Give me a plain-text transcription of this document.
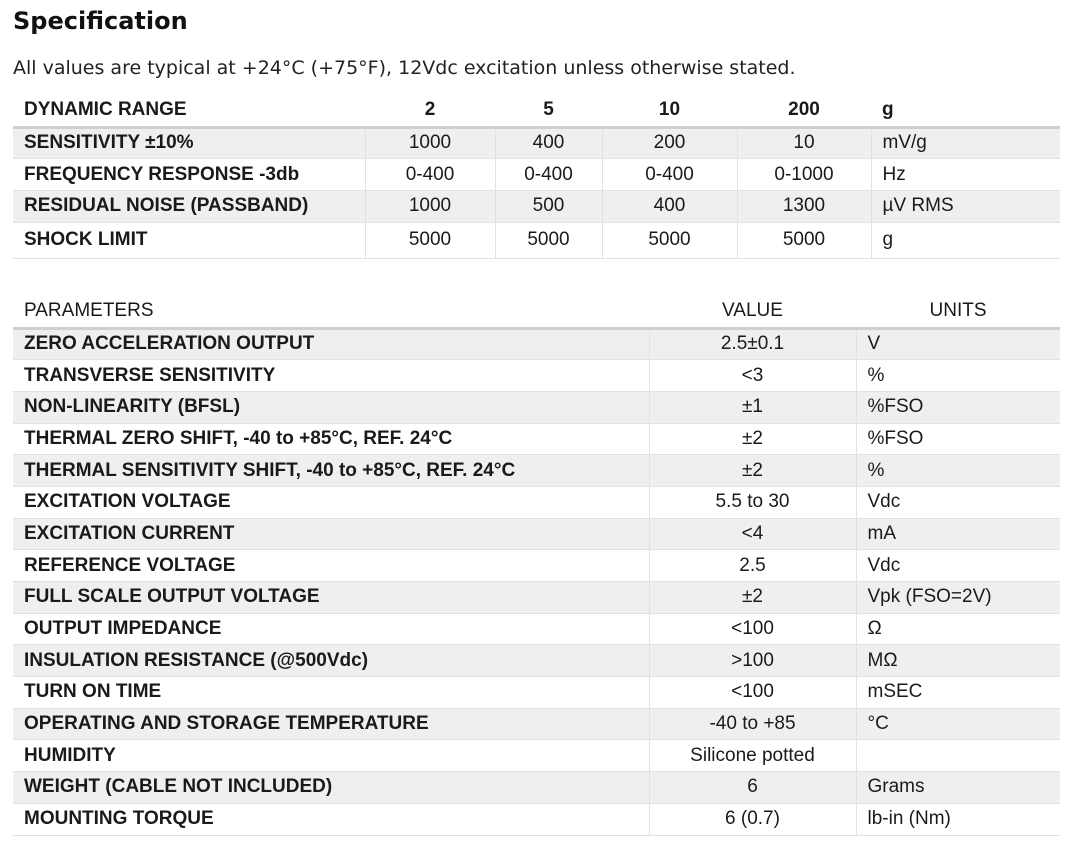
Specification

All values are typical at +24°C (+75°F), 12Vdc excitation unless otherwise stated.

DYNAMIC RANGE	2	5	10	200	g
SENSITIVITY ±10%	1000	400	200	10	mV/g
FREQUENCY RESPONSE -3db	0-400	0-400	0-400	0-1000	Hz
RESIDUAL NOISE (PASSBAND)	1000	500	400	1300	µV RMS
SHOCK LIMIT	5000	5000	5000	5000	g
PARAMETERS	VALUE	UNITS
ZERO ACCELERATION OUTPUT	2.5±0.1	V
TRANSVERSE SENSITIVITY	<3	%
NON-LINEARITY (BFSL)	±1	%FSO
THERMAL ZERO SHIFT, -40 to +85°C, REF. 24°C	±2	%FSO
THERMAL SENSITIVITY SHIFT, -40 to +85°C, REF. 24°C	±2	%
EXCITATION VOLTAGE	5.5 to 30	Vdc
EXCITATION CURRENT	<4	mA
REFERENCE VOLTAGE	2.5	Vdc
FULL SCALE OUTPUT VOLTAGE	±2	Vpk (FSO=2V)
OUTPUT IMPEDANCE	<100	Ω
INSULATION RESISTANCE (@500Vdc)	>100	MΩ
TURN ON TIME	<100	mSEC
OPERATING AND STORAGE TEMPERATURE	-40 to +85	°C
HUMIDITY	Silicone potted	
WEIGHT (CABLE NOT INCLUDED)	6	Grams
MOUNTING TORQUE	6 (0.7)	lb-in (Nm)
